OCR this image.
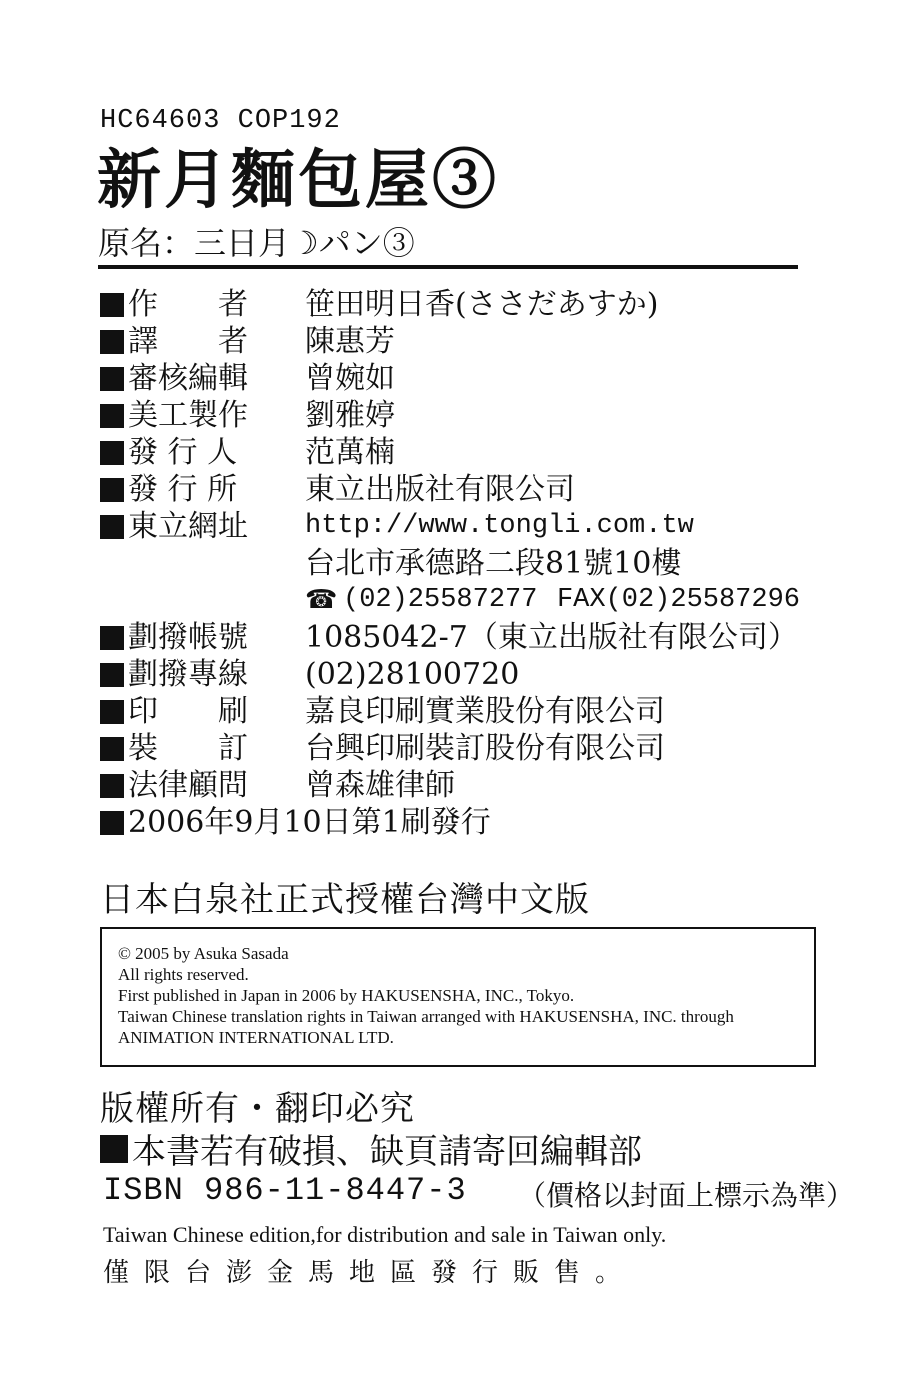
HC64603 COP192
新月麵包屋③
原名：三日月☽パン③
作　　者	笹田明日香(ささだあすか)
譯　　者	陳惠芳
審核編輯	曾婉如
美工製作	劉雅婷
發 行 人	范萬楠
發 行 所	東立出版社有限公司
東立網址	http://www.tongli.com.tw
台北市承德路二段81號10樓
☎ (02)25587277 FAX(02)25587296
劃撥帳號	1085042-7（東立出版社有限公司）
劃撥專線	(02)28100720
印　　刷	嘉良印刷實業股份有限公司
裝　　訂	台興印刷裝訂股份有限公司
法律顧問	曾森雄律師
2006年9月10日第1刷發行
日本白泉社正式授權台灣中文版
© 2005 by Asuka Sasada
All rights reserved.
First published in Japan in 2006 by HAKUSENSHA, INC., Tokyo.
Taiwan Chinese translation rights in Taiwan arranged with HAKUSENSHA, INC. through
ANIMATION INTERNATIONAL LTD.
版權所有・翻印必究
本書若有破損、缺頁請寄回編輯部
ISBN 986-11-8447-3 （價格以封面上標示為準）
Taiwan Chinese edition,for distribution and sale in Taiwan only.
僅限台澎金馬地區發行販售。
